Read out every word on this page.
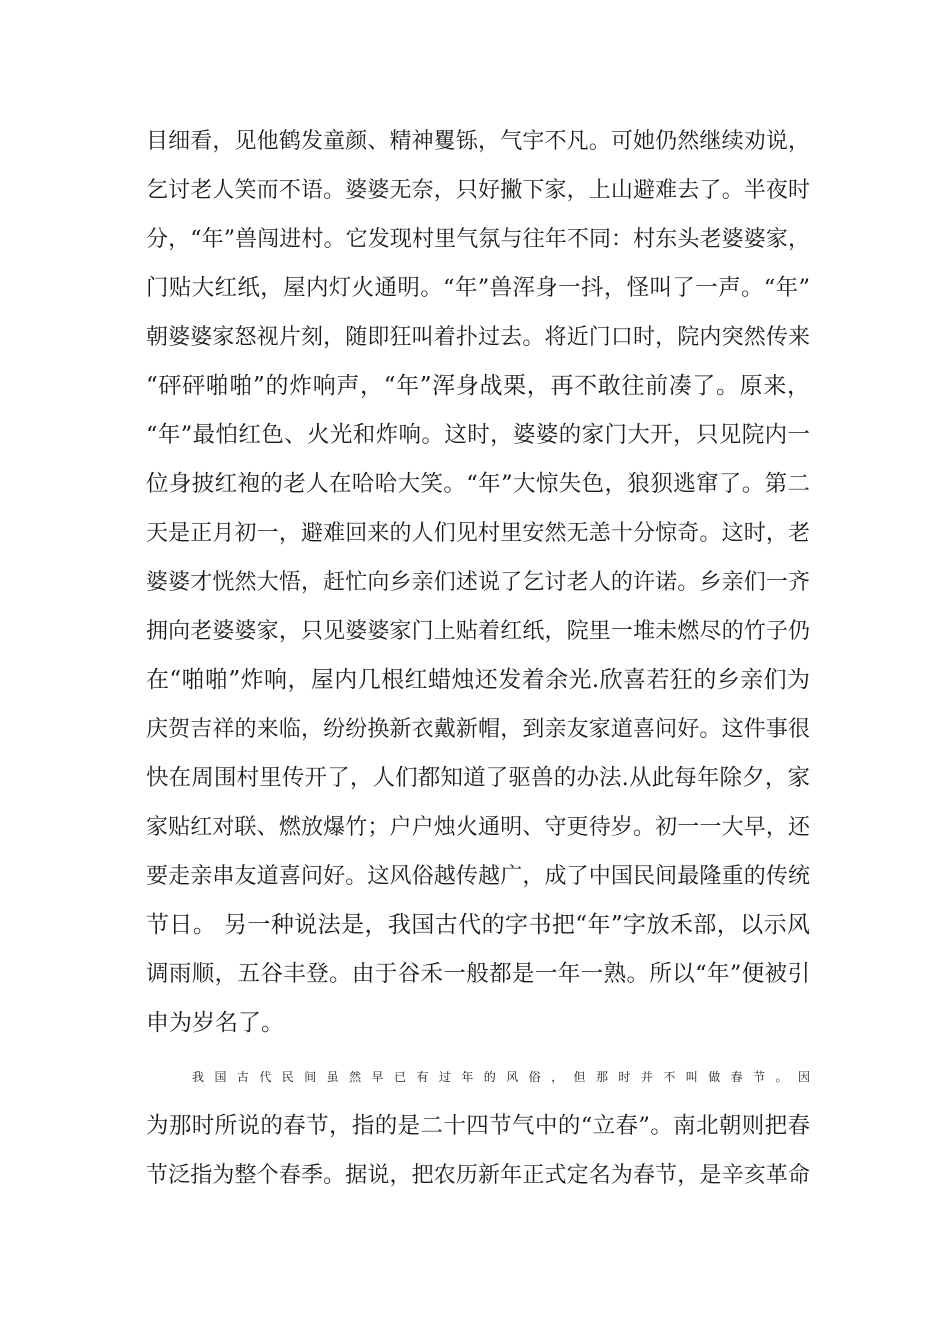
目细看，见他鹤发童颜、精神矍铄，气宇不凡。可她仍然继续劝说，
乞讨老人笑而不语。婆婆无奈，只好撇下家，上山避难去了。半夜时
分，“年”兽闯进村。它发现村里气氛与往年不同：村东头老婆婆家，
门贴大红纸，屋内灯火通明。“年”兽浑身一抖，怪叫了一声。“年”
朝婆婆家怒视片刻，随即狂叫着扑过去。将近门口时，院内突然传来
“砰砰啪啪”的炸响声，“年”浑身战栗，再不敢往前凑了。原来，
“年”最怕红色、火光和炸响。这时，婆婆的家门大开，只见院内一
位身披红袍的老人在哈哈大笑。“年”大惊失色，狼狈逃窜了。第二
天是正月初一，避难回来的人们见村里安然无恙十分惊奇。这时，老
婆婆才恍然大悟，赶忙向乡亲们述说了乞讨老人的许诺。乡亲们一齐
拥向老婆婆家，只见婆婆家门上贴着红纸，院里一堆未燃尽的竹子仍
在“啪啪”炸响，屋内几根红蜡烛还发着余光.欣喜若狂的乡亲们为
庆贺吉祥的来临，纷纷换新衣戴新帽，到亲友家道喜问好。这件事很
快在周围村里传开了，人们都知道了驱兽的办法.从此每年除夕，家
家贴红对联、燃放爆竹；户户烛火通明、守更待岁。初一一大早，还
要走亲串友道喜问好。这风俗越传越广，成了中国民间最隆重的传统
节日。 另一种说法是，我国古代的字书把“年”字放禾部，以示风
调雨顺，五谷丰登。由于谷禾一般都是一年一熟。所以“年”便被引
申为岁名了。
我国古代民间虽然早已有过年的风俗，但那时并不叫做春节。因
为那时所说的春节，指的是二十四节气中的“立春”。南北朝则把春
节泛指为整个春季。据说，把农历新年正式定名为春节，是辛亥革命
